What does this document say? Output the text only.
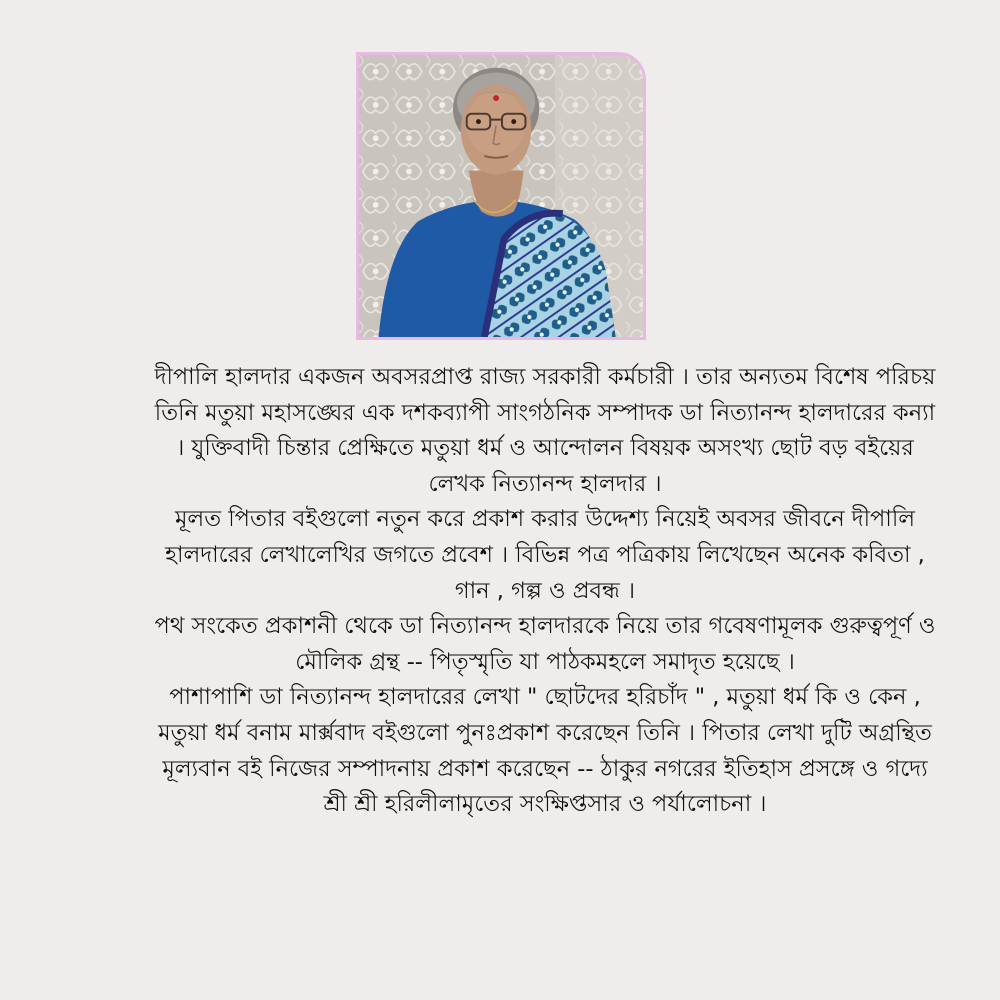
দীপালি হালদার একজন অবসরপ্রাপ্ত রাজ্য সরকারী কর্মচারী । তার অন্যতম বিশেষ পরিচয় তিনি মতুয়া মহাসঙ্ঘের এক দশকব্যাপী সাংগঠনিক সম্পাদক ডা নিত্যানন্দ হালদারের কন্যা । যুক্তিবাদী চিন্তার প্রেক্ষিতে মতুয়া ধর্ম ও আন্দোলন বিষয়ক অসংখ্য ছোট বড় বইয়ের লেখক নিত্যানন্দ হালদার ।

মূলত পিতার বইগুলো নতুন করে প্রকাশ করার উদ্দেশ্য নিয়েই অবসর জীবনে দীপালি হালদারের লেখালেখির জগতে প্রবেশ । বিভিন্ন পত্র পত্রিকায় লিখেছেন অনেক কবিতা , গান , গল্প ও প্রবন্ধ ।

পথ সংকেত প্রকাশনী থেকে ডা নিত্যানন্দ হালদারকে নিয়ে তার গবেষণামূলক গুরুত্বপূর্ণ ও মৌলিক গ্রন্থ -- পিতৃস্মৃতি যা পাঠকমহলে সমাদৃত হয়েছে ।

পাশাপাশি ডা নিত্যানন্দ হালদারের লেখা " ছোটদের হরিচাঁদ " , মতুয়া ধর্ম কি ও কেন , মতুয়া ধর্ম বনাম মার্ক্সবাদ বইগুলো পুনঃপ্রকাশ করেছেন তিনি । পিতার লেখা দুটি অগ্রন্থিত মূল্যবান বই নিজের সম্পাদনায় প্রকাশ করেছেন -- ঠাকুর নগরের ইতিহাস প্রসঙ্গে ও গদ্যে শ্রী শ্রী হরিলীলামৃতের সংক্ষিপ্তসার ও পর্যালোচনা ।
